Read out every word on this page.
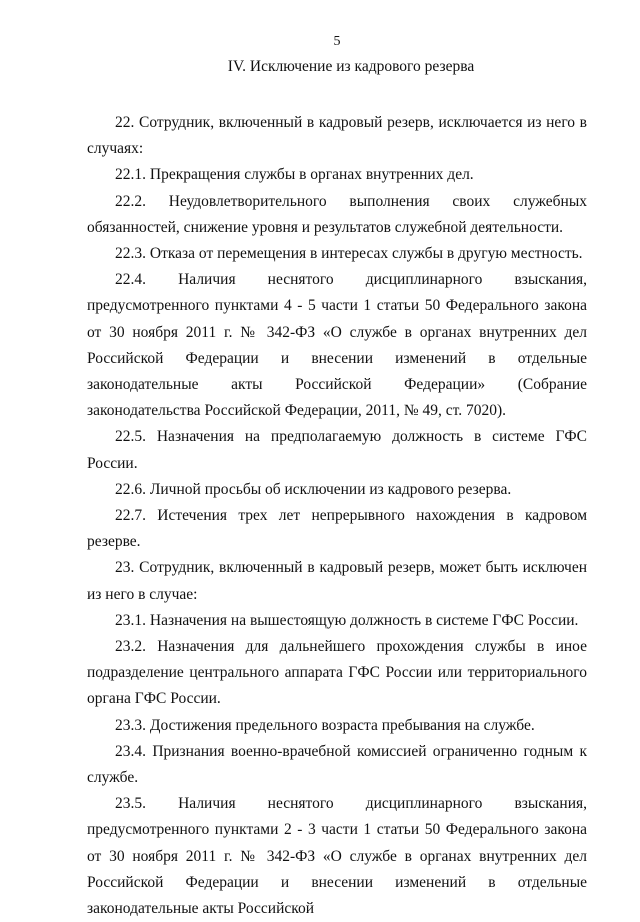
5
IV. Исключение из кадрового резерва

22. Сотрудник, включенный в кадровый резерв, исключается из него в случаях:

22.1. Прекращения службы в органах внутренних дел.

22.2. Неудовлетворительного выполнения своих служебных обязанностей, снижение уровня и результатов служебной деятельности.

22.3. Отказа от перемещения в интересах службы в другую местность.

22.4. Наличия неснятого дисциплинарного взыскания, предусмотренного пунктами 4 - 5 части 1 статьи 50 Федерального закона от 30 ноября 2011 г. № 342-ФЗ «О службе в органах внутренних дел Российской Федерации и внесении изменений в отдельные законодательные акты Российской Федерации» (Собрание законодательства Российской Федерации, 2011, № 49, ст. 7020).

22.5. Назначения на предполагаемую должность в системе ГФС России.

22.6. Личной просьбы об исключении из кадрового резерва.

22.7. Истечения трех лет непрерывного нахождения в кадровом резерве.

23. Сотрудник, включенный в кадровый резерв, может быть исключен из него в случае:

23.1. Назначения на вышестоящую должность в системе ГФС России.

23.2. Назначения для дальнейшего прохождения службы в иное подразделение центрального аппарата ГФС России или территориального органа ГФС России.

23.3. Достижения предельного возраста пребывания на службе.

23.4. Признания военно-врачебной комиссией ограниченно годным к службе.

23.5. Наличия неснятого дисциплинарного взыскания, предусмотренного пунктами 2 - 3 части 1 статьи 50 Федерального закона от 30 ноября 2011 г. № 342-ФЗ «О службе в органах внутренних дел Российской Федерации и внесении изменений в отдельные законодательные акты Российской
